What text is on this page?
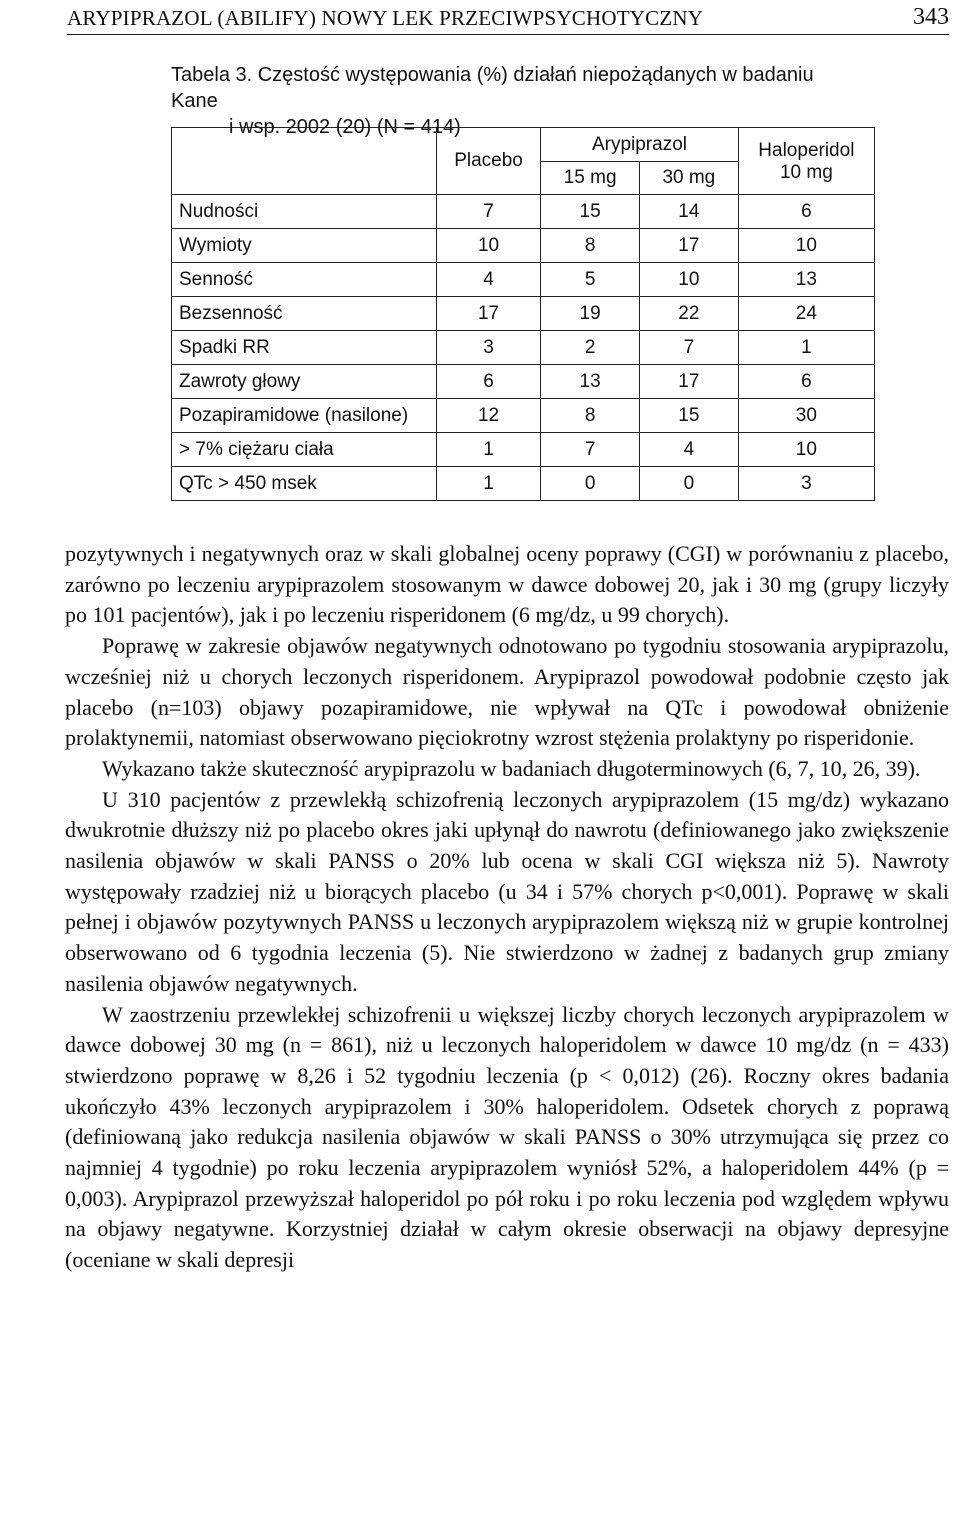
ARYPIPRAZOL (ABILIFY) NOWY LEK PRZECIWPSYCHOTYCZNY	343
Tabela 3. Częstość występowania (%) działań niepożądanych w badaniu Kane
i wsp. 2002 (20) (N = 414)
	Placebo	Arypiprazol		Haloperidol
		15 mg	30 mg	10 mg
Nudności	7	15	14	6
Wymioty	10	8	17	10
Senność	4	5	10	13
Bezsenność	17	19	22	24
Spadki RR	3	2	7	1
Zawroty głowy	6	13	17	6
Pozapiramidowe (nasilone)	12	8	15	30
> 7% ciężaru ciała	1	7	4	10
QTc > 450 msek	1	0	0	3

pozytywnych i negatywnych oraz w skali globalnej oceny poprawy (CGI) w porównaniu z placebo, zarówno po leczeniu arypiprazolem stosowanym w dawce dobowej 20, jak i 30 mg (grupy liczyły po 101 pacjentów), jak i po leczeniu risperidonem (6 mg/dz, u 99 chorych).

Poprawę w zakresie objawów negatywnych odnotowano po tygodniu stosowania arypiprazolu, wcześniej niż u chorych leczonych risperidonem. Arypiprazol powodował podobnie często jak placebo (n=103) objawy pozapiramidowe, nie wpływał na QTc i powodował obniżenie prolaktynemii, natomiast obserwowano pięciokrotny wzrost stężenia prolaktyny po risperidonie.

Wykazano także skuteczność arypiprazolu w badaniach długoterminowych (6, 7, 10, 26, 39).

U 310 pacjentów z przewlekłą schizofrenią leczonych arypiprazolem (15 mg/dz) wykazano dwukrotnie dłuższy niż po placebo okres jaki upłynął do nawrotu (definiowanego jako zwiększenie nasilenia objawów w skali PANSS o 20% lub ocena w skali CGI większa niż 5). Nawroty występowały rzadziej niż u biorących placebo (u 34 i 57% chorych p<0,001). Poprawę w skali pełnej i objawów pozytywnych PANSS u leczonych arypiprazolem większą niż w grupie kontrolnej obserwowano od 6 tygodnia leczenia (5). Nie stwierdzono w żadnej z badanych grup zmiany nasilenia objawów negatywnych.

W zaostrzeniu przewlekłej schizofrenii u większej liczby chorych leczonych arypiprazolem w dawce dobowej 30 mg (n = 861), niż u leczonych haloperidolem w dawce 10 mg/dz (n = 433) stwierdzono poprawę w 8,26 i 52 tygodniu leczenia (p < 0,012) (26). Roczny okres badania ukończyło 43% leczonych arypiprazolem i 30% haloperidolem. Odsetek chorych z poprawą (definiowaną jako redukcja nasilenia objawów w skali PANSS o 30% utrzymująca się przez co najmniej 4 tygodnie) po roku leczenia arypiprazolem wyniósł 52%, a haloperidolem 44% (p = 0,003). Arypiprazol przewyższał haloperidol po pół roku i po roku leczenia pod względem wpływu na objawy negatywne. Korzystniej działał w całym okresie obserwacji na objawy depresyjne (oceniane w skali depresji
